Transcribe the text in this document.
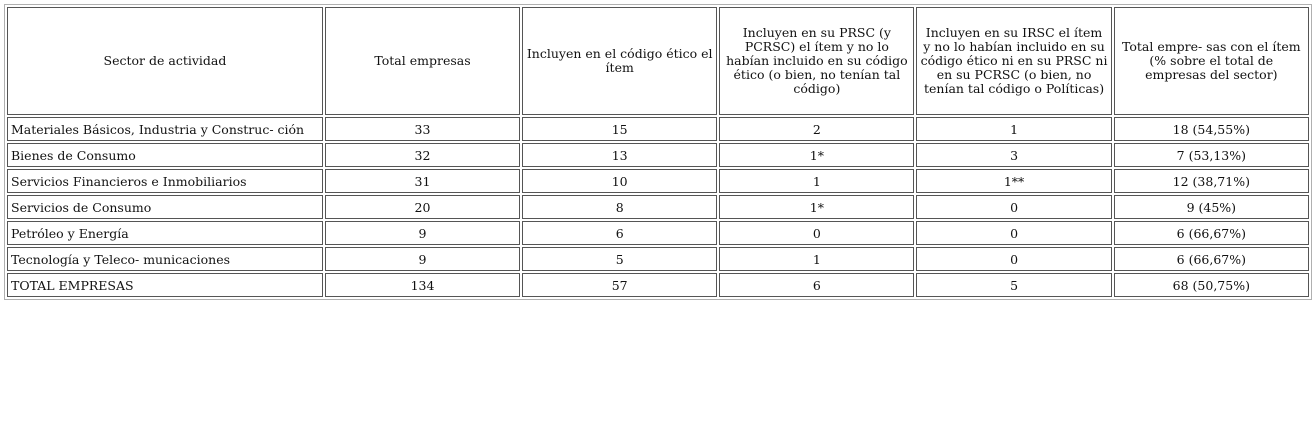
Sector de actividad	Total empresas	Incluyen en el código ético el ítem	Incluyen en su PRSC (y PCRSC) el ítem y no lo habían incluido en su código ético (o bien, no tenían tal código)	Incluyen en su IRSC el ítem y no lo habían incluido en su código ético ni en su PRSC ni en su PCRSC (o bien, no tenían tal código o Políticas)	Total empre- sas con el ítem (% sobre el total de empresas del sector)
Materiales Básicos, Industria y Construc- ción	33	15	2	1	18 (54,55%)
Bienes de Consumo	32	13	1*	3	7 (53,13%)
Servicios Financieros e Inmobiliarios	31	10	1	1**	12 (38,71%)
Servicios de Consumo	20	8	1*	0	9 (45%)
Petróleo y Energía	9	6	0	0	6 (66,67%)
Tecnología y Teleco- municaciones	9	5	1	0	6 (66,67%)
TOTAL EMPRESAS	134	57	6	5	68 (50,75%)
